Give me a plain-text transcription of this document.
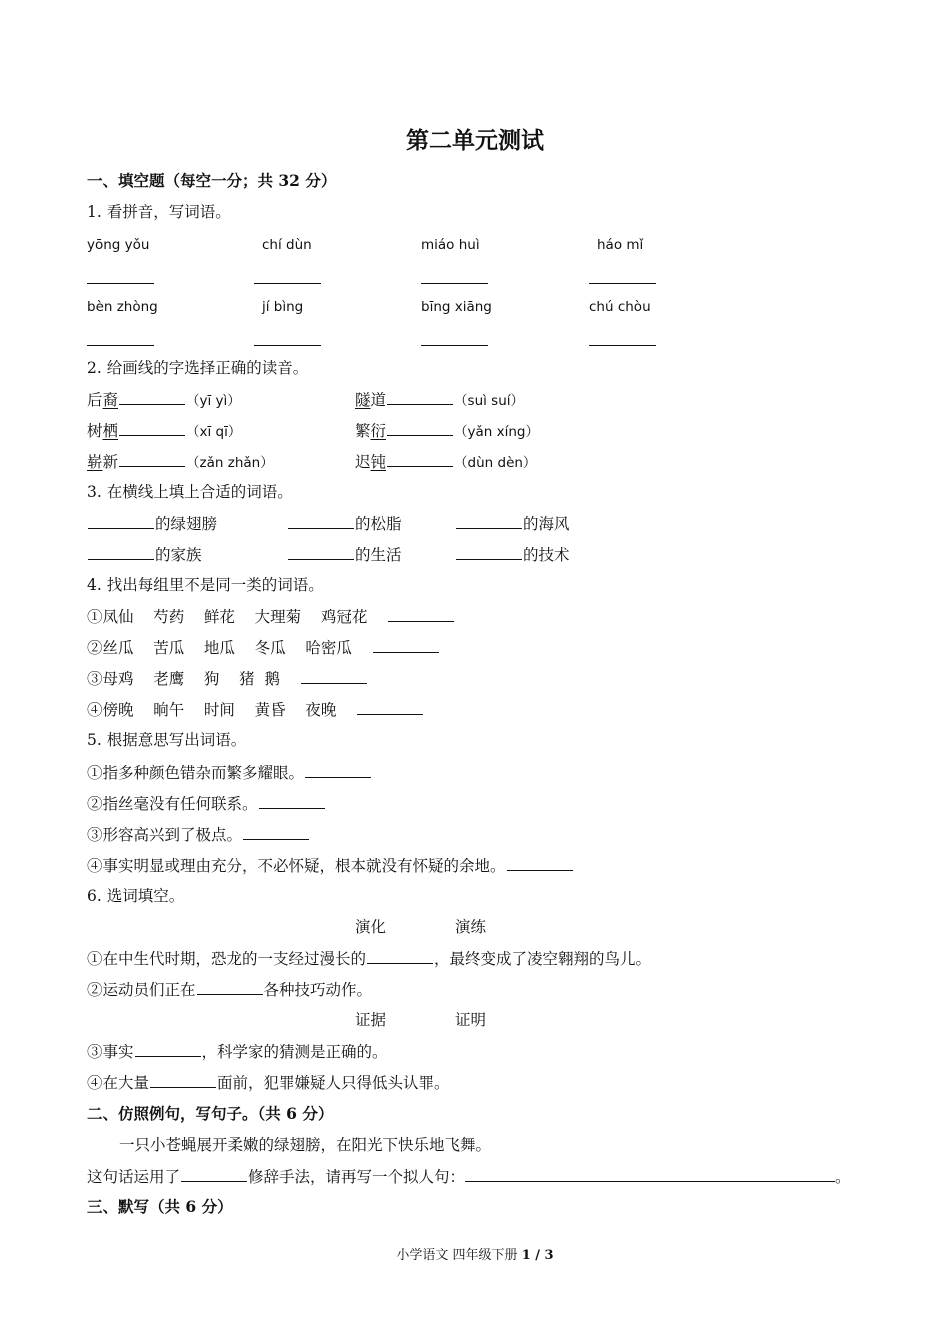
第二单元测试
一、填空题（每空一分；共 32 分）
1. 看拼音，写词语。
yōng yǒu	chí dùn	miáo huì	háo mǐ
bèn zhòng	jí bìng	bīng xiāng	chú chòu
2. 给画线的字选择正确的读音。
后裔	（yī yì）	隧道	（suì suí）
树栖	（xī qī）	繁衍	（yǎn xíng）
崭新	（zǎn zhǎn）	迟钝	（dùn dèn）
3. 在横线上填上合适的词语。
的绿翅膀	的松脂	的海风
的家族	的生活	的技术
4. 找出每组里不是同一类的词语。
①凤仙    芍药    鲜花    大理菊    鸡冠花
②丝瓜    苦瓜    地瓜    冬瓜    哈密瓜
③母鸡    老鹰    狗    猪  鹅
④傍晚    晌午    时间    黄昏    夜晚
5. 根据意思写出词语。
①指多种颜色错杂而繁多耀眼。
②指丝毫没有任何联系。
③形容高兴到了极点。
④事实明显或理由充分，不必怀疑，根本就没有怀疑的余地。
6. 选词填空。
演化	演练
①在中生代时期，恐龙的一支经过漫长的	，最终变成了凌空翱翔的鸟儿。
②运动员们正在	各种技巧动作。
证据	证明
③事实	，科学家的猜测是正确的。
④在大量	面前，犯罪嫌疑人只得低头认罪。
二、仿照例句，写句子。（共 6 分）
一只小苍蝇展开柔嫩的绿翅膀，在阳光下快乐地飞舞。
这句话运用了	修辞手法，请再写一个拟人句：	。
三、默写（共 6 分）
小学语文 四年级下册 1 / 3
